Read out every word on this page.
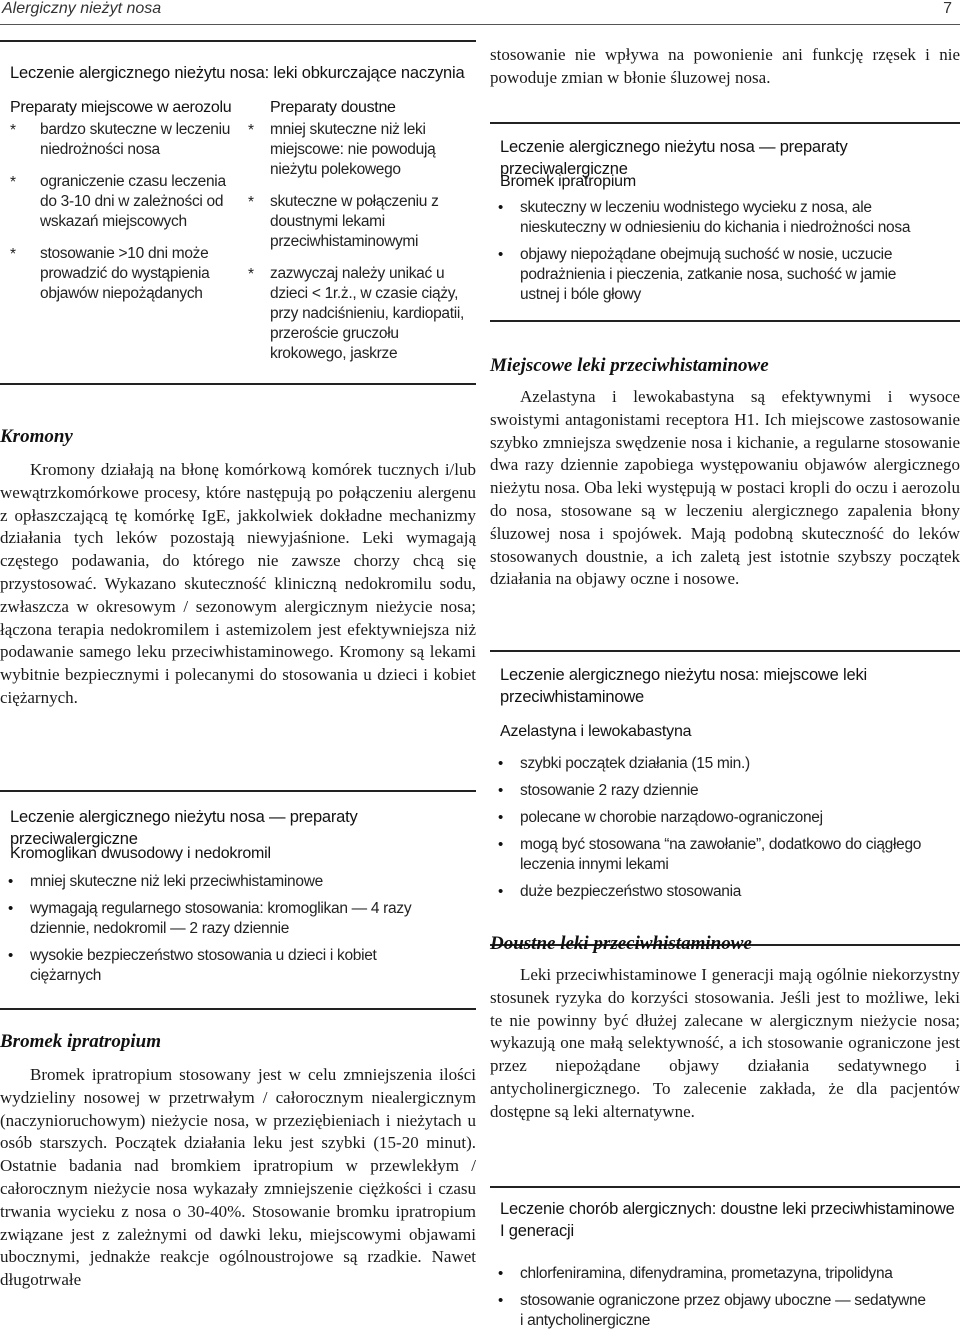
Alergiczny nieżyt nosa	7
Leczenie alergicznego nieżytu nosa: leki obkurczające naczynia
Preparaty miejscowe w aerozolu
* bardzo skuteczne w leczeniu niedrożności nosa
* ograniczenie czasu leczenia do 3-10 dni w zależności od wskazań miejscowych
* stosowanie >10 dni może prowadzić do wystąpienia objawów niepożądanych
Preparaty doustne
* mniej skuteczne niż leki miejscowe: nie powodują nieżytu polekowego
* skuteczne w połączeniu z doustnymi lekami przeciwhistaminowymi
* zazwyczaj należy unikać u dzieci < 1r.ż., w czasie ciąży, przy nadciśnieniu, kardiopatii, przeroście gruczołu krokowego, jaskrze
Kromony

Kromony działają na błonę komórkową komórek tucznych i/lub wewątrzkomórkowe procesy, które następują po połączeniu alergenu z opłaszczającą tę komórkę IgE, jakkolwiek dokładne mechanizmy działania tych leków pozostają niewyjaśnione. Leki wymagają częstego podawania, do którego nie zawsze chorzy chcą się przystosować. Wykazano skuteczność kliniczną nedokromilu sodu, zwłaszcza w okresowym / sezonowym alergicznym nieżycie nosa; łączona terapia nedokromilem i astemizolem jest efektywniejsza niż podawanie samego leku przeciwhistaminowego. Kromony są lekami wybitnie bezpiecznymi i polecanymi do stosowania u dzieci i kobiet ciężarnych.

Leczenie alergicznego nieżytu nosa — preparaty przeciwalergiczne
Kromoglikan dwusodowy i nedokromil
• mniej skuteczne niż leki przeciwhistaminowe
• wymagają regularnego stosowania: kromoglikan — 4 razy dziennie, nedokromil — 2 razy dziennie
• wysokie bezpieczeństwo stosowania u dzieci i kobiet ciężarnych
Bromek ipratropium

Bromek ipratropium stosowany jest w celu zmniejszenia ilości wydzieliny nosowej w przetrwałym / całorocznym niealergicznym (naczynioruchowym) nieżycie nosa, w przeziębieniach i nieżytach u osób starszych. Początek działania leku jest szybki (15-20 minut). Ostatnie badania nad bromkiem ipratropium w przewlekłym / całorocznym nieżycie nosa wykazały zmniejszenie ciężkości i czasu trwania wycieku z nosa o 30-40%. Stosowanie bromku ipratropium związane jest z zależnymi od dawki leku, miejscowymi objawami ubocznymi, jednakże reakcje ogólnoustrojowe są rzadkie. Nawet długotrwałe

stosowanie nie wpływa na powonienie ani funkcję rzęsek i nie powoduje zmian w błonie śluzowej nosa.

Leczenie alergicznego nieżytu nosa — preparaty przeciwalergiczne
Bromek ipratropium
• skuteczny w leczeniu wodnistego wycieku z nosa, ale nieskuteczny w odniesieniu do kichania i niedrożności nosa
• objawy niepożądane obejmują suchość w nosie, uczucie podrażnienia i pieczenia, zatkanie nosa, suchość w jamie ustnej i bóle głowy
Miejscowe leki przeciwhistaminowe

Azelastyna i lewokabastyna są efektywnymi i wysoce swoistymi antagonistami receptora H1. Ich miejscowe zastosowanie szybko zmniejsza swędzenie nosa i kichanie, a regularne stosowanie dwa razy dziennie zapobiega występowaniu objawów alergicznego nieżytu nosa. Oba leki występują w postaci kropli do oczu i aerozolu do nosa, stosowane są w leczeniu alergicznego zapalenia błony śluzowej nosa i spojówek. Mają podobną skuteczność do leków stosowanych doustnie, a ich zaletą jest istotnie szybszy początek działania na objawy oczne i nosowe.

Leczenie alergicznego nieżytu nosa: miejscowe leki przeciwhistaminowe
Azelastyna i lewokabastyna
• szybki początek działania (15 min.)
• stosowanie 2 razy dziennie
• polecane w chorobie narządowo-ograniczonej
• mogą być stosowana “na zawołanie”, dodatkowo do ciągłego leczenia innymi lekami
• duże bezpieczeństwo stosowania
Doustne leki przeciwhistaminowe

Leki przeciwhistaminowe I generacji mają ogólnie niekorzystny stosunek ryzyka do korzyści stosowania. Jeśli jest to możliwe, leki te nie powinny być dłużej zalecane w alergicznym nieżycie nosa; wykazują one małą selektywność, a ich stosowanie ograniczone jest przez niepożądane objawy działania sedatywnego i antycholinergicznego. To zalecenie zakłada, że dla pacjentów dostępne są leki alternatywne.

Leczenie chorób alergicznych: doustne leki przeciwhistaminowe I generacji
• chlorfeniramina, difenydramina, prometazyna, tripolidyna
• stosowanie ograniczone przez objawy uboczne — sedatywne i antycholinergiczne
